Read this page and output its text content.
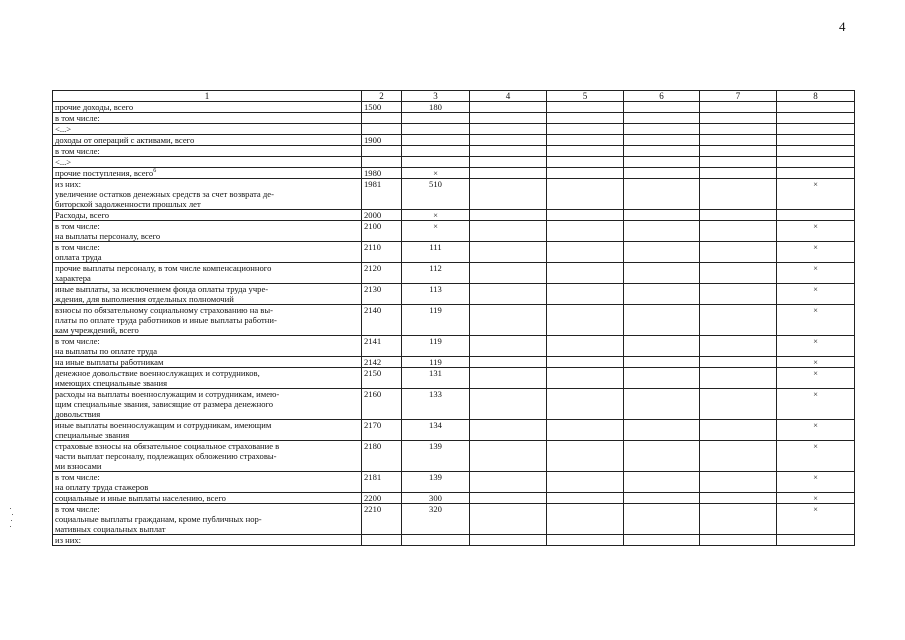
4
1	2	3	4	5	6	7	8

прочие доходы, всего	1500	180					

в том числе:							

<...>							

доходы от операций с активами, всего	1900						

в том числе:							

<...>							

прочие поступления, всего$^6$	1980	×					

из них:
увеличение остатков денежных средств за счет возврата де-
биторской задолженности прошлых лет	1981	510					×

Расходы, всего	2000	×					

в том числе:
на выплаты персоналу, всего	2100	×					×

в том числе:
оплата труда	2110	111					×

прочие выплаты персоналу, в том числе компенсационного
характера	2120	112					×

иные выплаты, за исключением фонда оплаты труда учре-
ждения, для выполнения отдельных полномочий	2130	113					×

взносы по обязательному социальному страхованию на вы-
платы по оплате труда работников и иные выплаты работни-
кам учреждений, всего	2140	119					×

в том числе:
на выплаты по оплате труда	2141	119					×

на иные выплаты работникам	2142	119					×

денежное довольствие военнослужащих и сотрудников,
имеющих специальные звания	2150	131					×

расходы на выплаты военнослужащим и сотрудникам, имею-
щим специальные звания, зависящие от размера денежного
довольствия	2160	133					×

иные выплаты военнослужащим и сотрудникам, имеющим
специальные звания	2170	134					×

страховые взносы на обязательное социальное страхование в
части выплат персоналу, подлежащих обложению страховы-
ми взносами	2180	139					×

в том числе:
на оплату труда стажеров	2181	139					×

социальные и иные выплаты населению, всего	2200	300					×

в том числе:
социальные выплаты гражданам, кроме публичных нор-
мативных социальных выплат	2210	320					×

из них:							
